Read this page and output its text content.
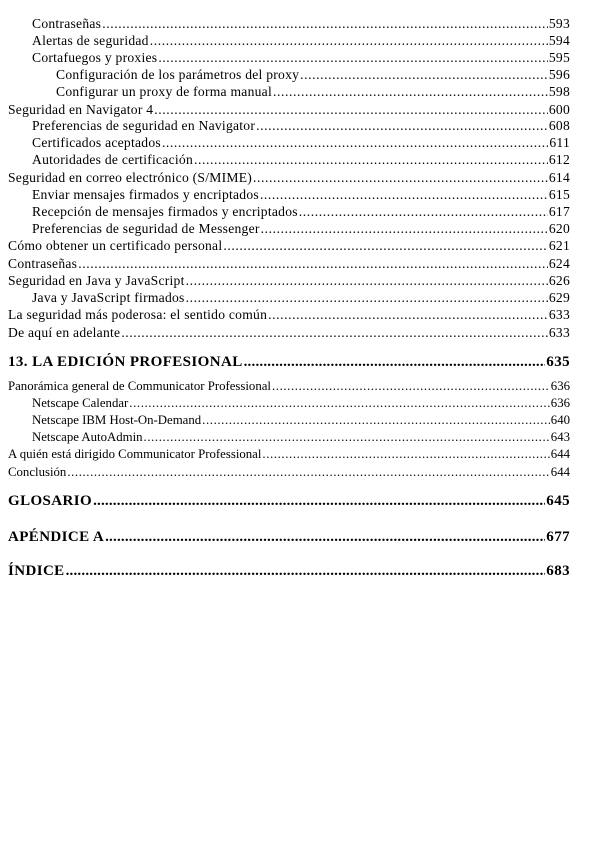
Contraseñas .....	593
Alertas de seguridad .....	594
Cortafuegos y proxies .....	595
Configuración de los parámetros del proxy .....	596
Configurar un proxy de forma manual .....	598
Seguridad en Navigator 4 .....	600
Preferencias de seguridad en Navigator .....	608
Certificados aceptados .....	611
Autoridades de certificación .....	612
Seguridad en correo electrónico (S/MIME) .....	614
Enviar mensajes firmados y encriptados .....	615
Recepción de mensajes firmados y encriptados .....	617
Preferencias de seguridad de Messenger .....	620
Cómo obtener un certificado personal .....	621
Contraseñas .....	624
Seguridad en Java y JavaScript .....	626
Java y JavaScript firmados .....	629
La seguridad más poderosa: el sentido común .....	633
De aquí en adelante .....	633
13. LA EDICIÓN PROFESIONAL .....	635
Panorámica general de Communicator Professional .....	636
Netscape Calendar .....	636
Netscape IBM Host-On-Demand .....	640
Netscape AutoAdmin .....	643
A quién está dirigido Communicator Professional .....	644
Conclusión .....	644
GLOSARIO .....	645
APÉNDICE A .....	677
ÍNDICE .....	683
